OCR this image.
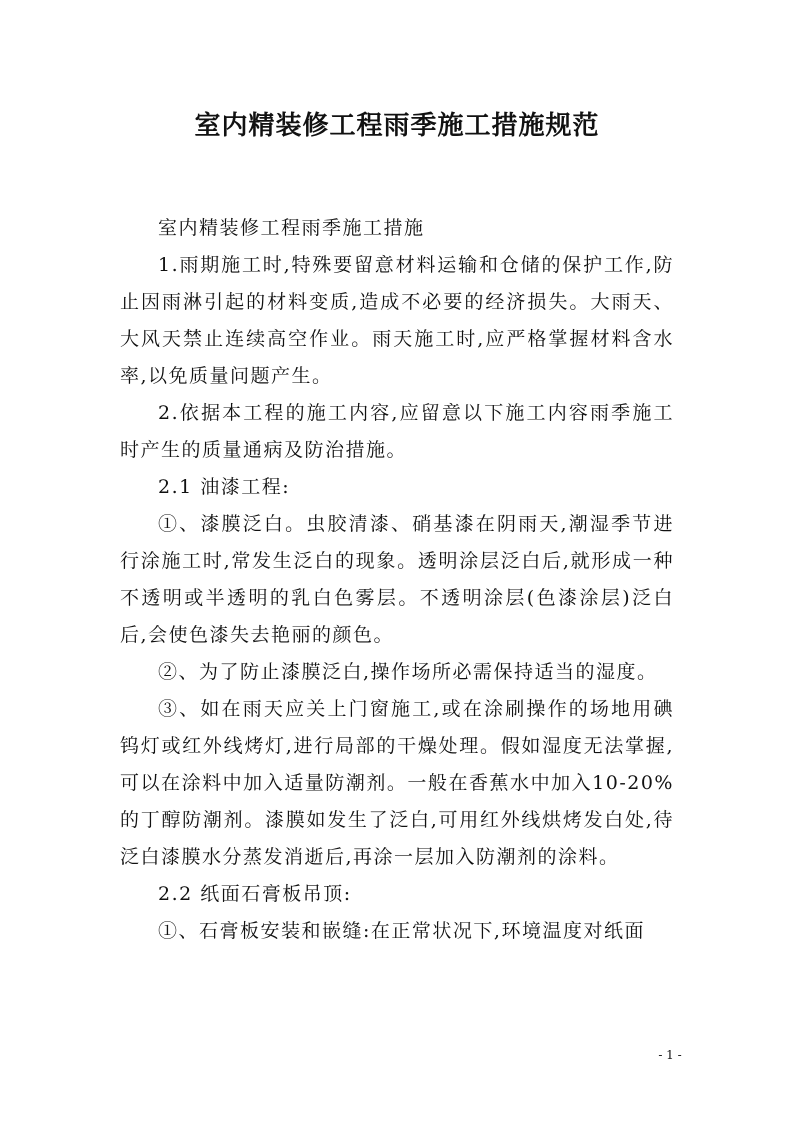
室内精装修工程雨季施工措施规范

室内精装修工程雨季施工措施

1.雨期施工时,特殊要留意材料运输和仓储的保护工作,防止因雨淋引起的材料变质,造成不必要的经济损失。大雨天、大风天禁止连续高空作业。雨天施工时,应严格掌握材料含水率,以免质量问题产生。

2.依据本工程的施工内容,应留意以下施工内容雨季施工时产生的质量通病及防治措施。

2.1 油漆工程:

①、漆膜泛白。虫胶清漆、硝基漆在阴雨天,潮湿季节进行涂施工时,常发生泛白的现象。透明涂层泛白后,就形成一种不透明或半透明的乳白色雾层。不透明涂层(色漆涂层)泛白后,会使色漆失去艳丽的颜色。

②、为了防止漆膜泛白,操作场所必需保持适当的湿度。

③、如在雨天应关上门窗施工,或在涂刷操作的场地用碘钨灯或红外线烤灯,进行局部的干燥处理。假如湿度无法掌握,可以在涂料中加入适量防潮剂。一般在香蕉水中加入10-20%的丁醇防潮剂。漆膜如发生了泛白,可用红外线烘烤发白处,待泛白漆膜水分蒸发消逝后,再涂一层加入防潮剂的涂料。

2.2 纸面石膏板吊顶:

①、石膏板安装和嵌缝:在正常状况下,环境温度对纸面

- 1 -
